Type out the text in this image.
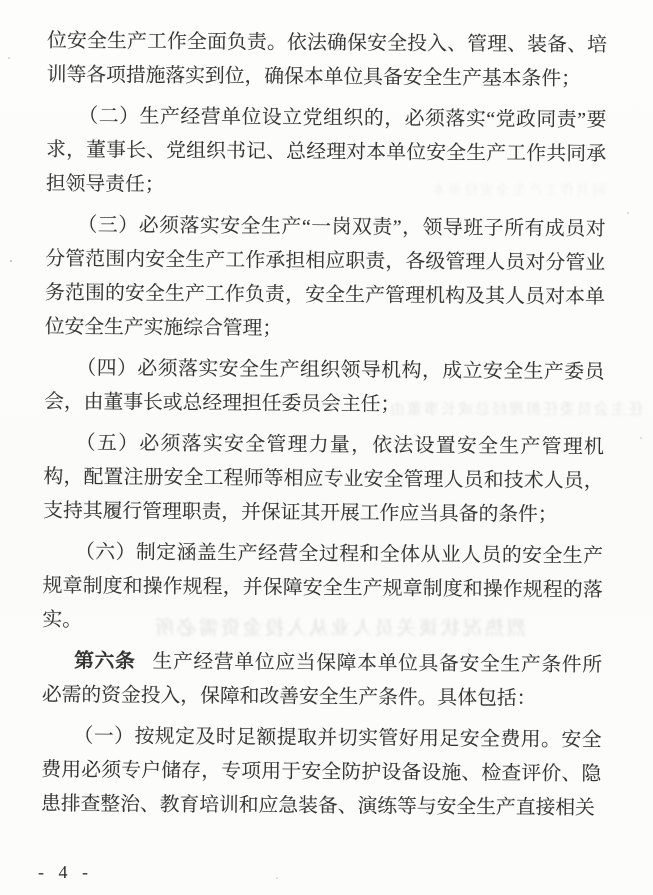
同共作工产生全安位单本
任主会员委任担理经总或长事董由
烈热况状谈关员人业从入投金资需必所

位安全生产工作全面负责。依法确保安全投入、管理、装备、培训等各项措施落实到位，确保本单位具备安全生产基本条件；

（二）生产经营单位设立党组织的，必须落实“党政同责”要求，董事长、党组织书记、总经理对本单位安全生产工作共同承担领导责任；

（三）必须落实安全生产“一岗双责”，领导班子所有成员对分管范围内安全生产工作承担相应职责，各级管理人员对分管业务范围的安全生产工作负责，安全生产管理机构及其人员对本单位安全生产实施综合管理；

（四）必须落实安全生产组织领导机构，成立安全生产委员会，由董事长或总经理担任委员会主任；

（五）必须落实安全管理力量，依法设置安全生产管理机构，配置注册安全工程师等相应专业安全管理人员和技术人员，支持其履行管理职责，并保证其开展工作应当具备的条件；

（六）制定涵盖生产经营全过程和全体从业人员的安全生产规章制度和操作规程，并保障安全生产规章制度和操作规程的落实。

第六条 生产经营单位应当保障本单位具备安全生产条件所必需的资金投入，保障和改善安全生产条件。具体包括：

（一）按规定及时足额提取并切实管好用足安全费用。安全费用必须专户储存，专项用于安全防护设备设施、检查评价、隐患排查整治、教育培训和应急装备、演练等与安全生产直接相关

- 4 -
